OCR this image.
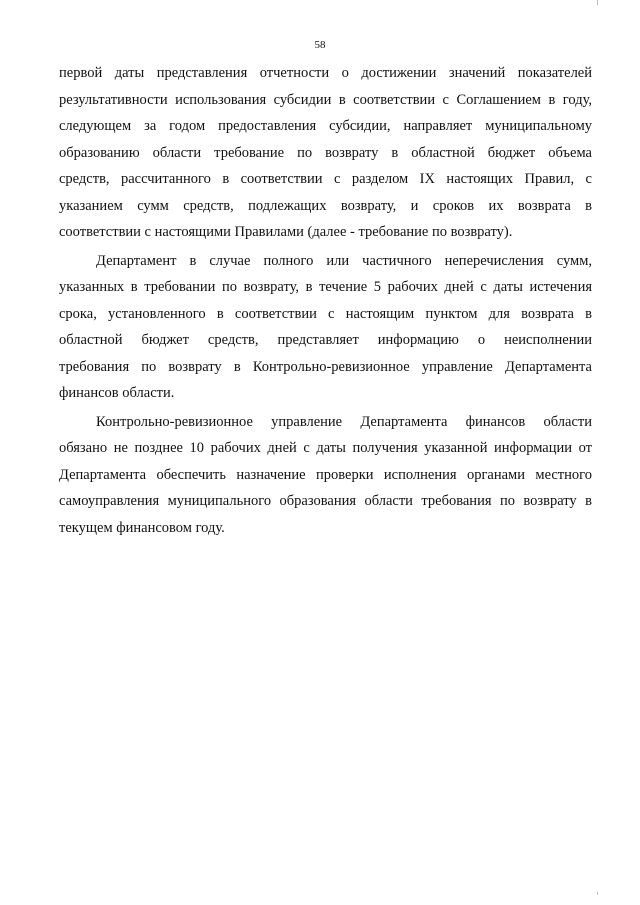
58
первой даты представления отчетности о достижении значений показателей
результативности использования субсидии в соответствии с Соглашением в году,
следующем за годом предоставления субсидии, направляет муниципальному
образованию области требование по возврату в областной бюджет объема
средств, рассчитанного в соответствии с разделом IX настоящих Правил, с
указанием сумм средств, подлежащих возврату, и сроков их возврата в
соответствии с настоящими Правилами (далее - требование по возврату).
Департамент в случае полного или частичного неперечисления сумм,
указанных в требовании по возврату, в течение 5 рабочих дней с даты истечения
срока, установленного в соответствии с настоящим пунктом для возврата в
областной бюджет средств, представляет информацию о неисполнении
требования по возврату в Контрольно-ревизионное управление Департамента
финансов области.
Контрольно-ревизионное управление Департамента финансов области
обязано не позднее 10 рабочих дней с даты получения указанной информации от
Департамента обеспечить назначение проверки исполнения органами местного
самоуправления муниципального образования области требования по возврату в
текущем финансовом году.
